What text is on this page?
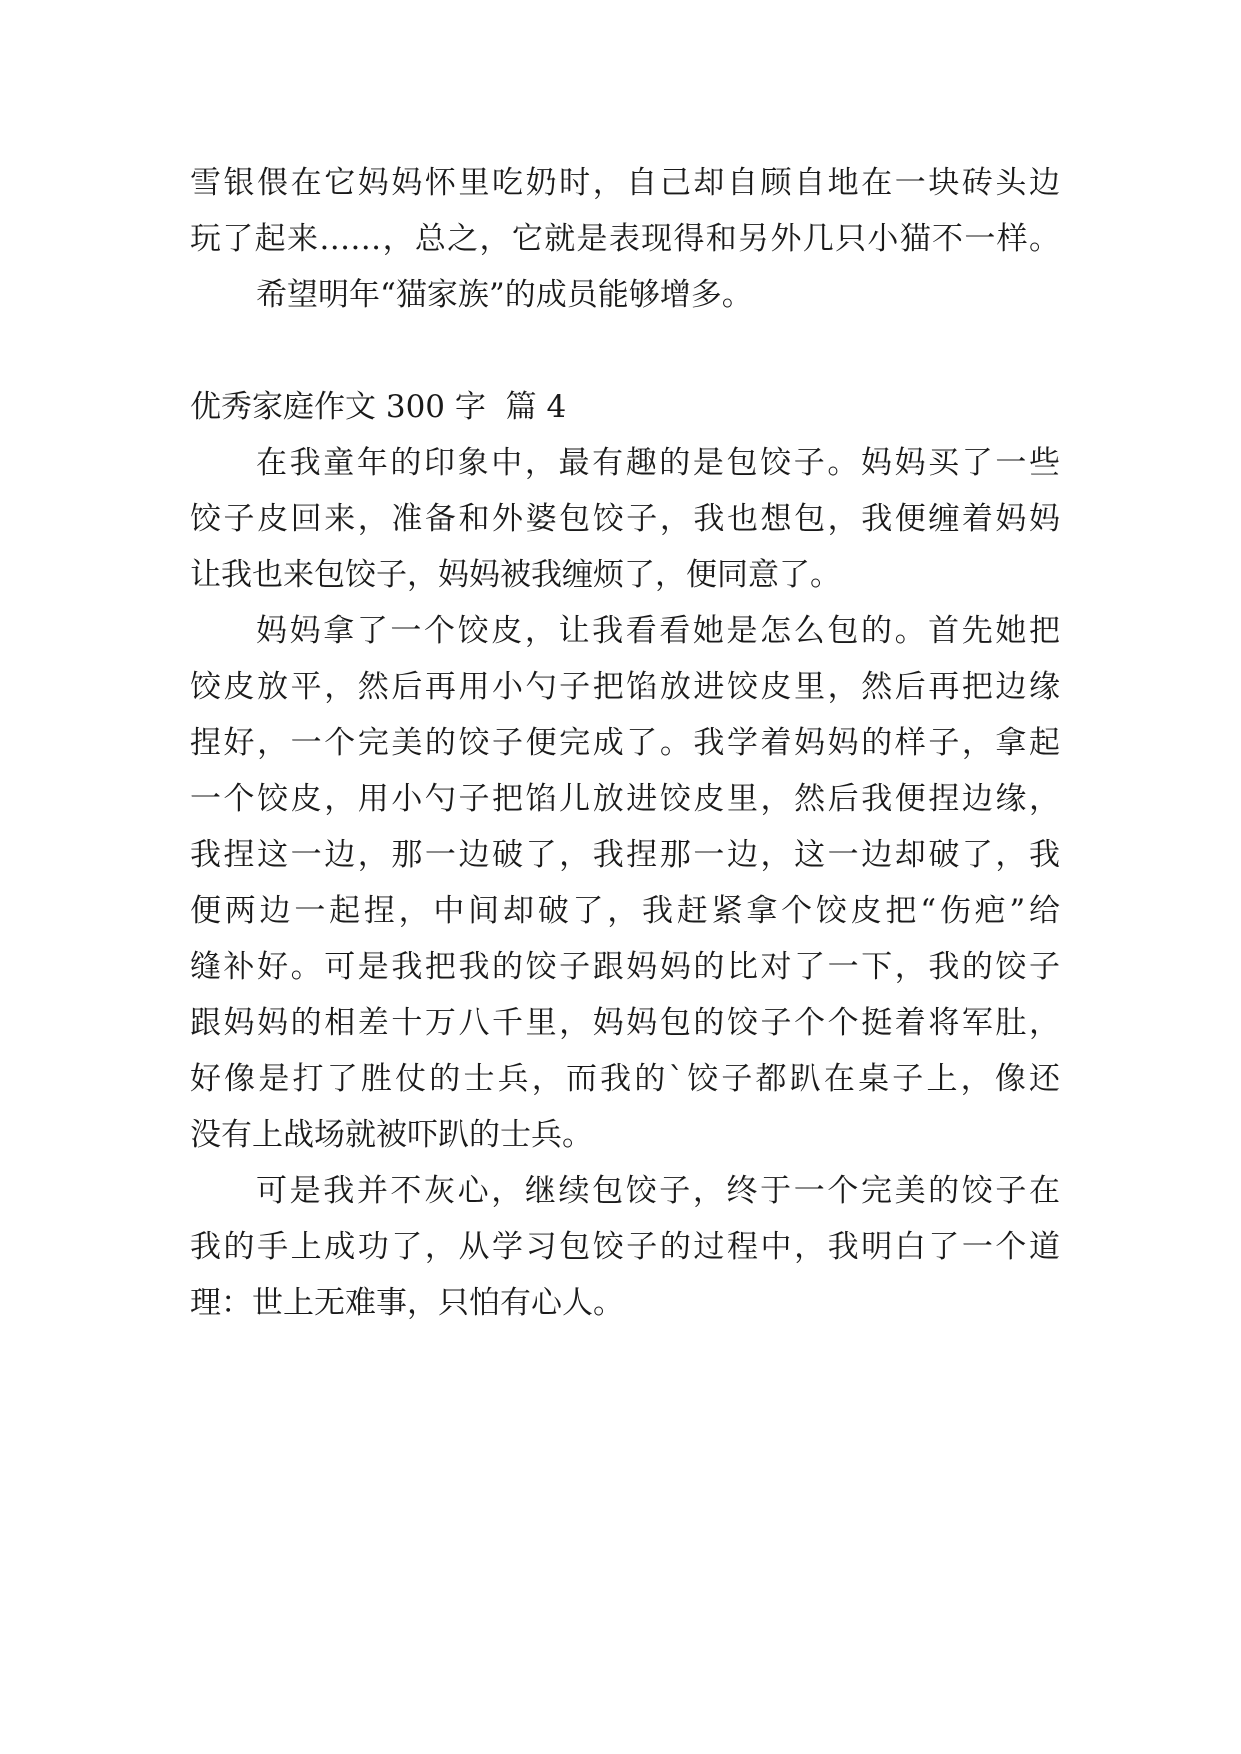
雪银偎在它妈妈怀里吃奶时，自己却自顾自地在一块砖头边
玩了起来……，总之，它就是表现得和另外几只小猫不一样。
希望明年“猫家族”的成员能够增多。
优秀家庭作文 300 字  篇 4
在我童年的印象中，最有趣的是包饺子。妈妈买了一些
饺子皮回来，准备和外婆包饺子，我也想包，我便缠着妈妈
让我也来包饺子，妈妈被我缠烦了，便同意了。
妈妈拿了一个饺皮，让我看看她是怎么包的。首先她把
饺皮放平，然后再用小勺子把馅放进饺皮里，然后再把边缘
捏好，一个完美的饺子便完成了。我学着妈妈的样子，拿起
一个饺皮，用小勺子把馅儿放进饺皮里，然后我便捏边缘，
我捏这一边，那一边破了，我捏那一边，这一边却破了，我
便两边一起捏，中间却破了，我赶紧拿个饺皮把“伤疤”给
缝补好。可是我把我的饺子跟妈妈的比对了一下，我的饺子
跟妈妈的相差十万八千里，妈妈包的饺子个个挺着将军肚，
好像是打了胜仗的士兵，而我的`饺子都趴在桌子上，像还
没有上战场就被吓趴的士兵。
可是我并不灰心，继续包饺子，终于一个完美的饺子在
我的手上成功了，从学习包饺子的过程中，我明白了一个道
理：世上无难事，只怕有心人。
